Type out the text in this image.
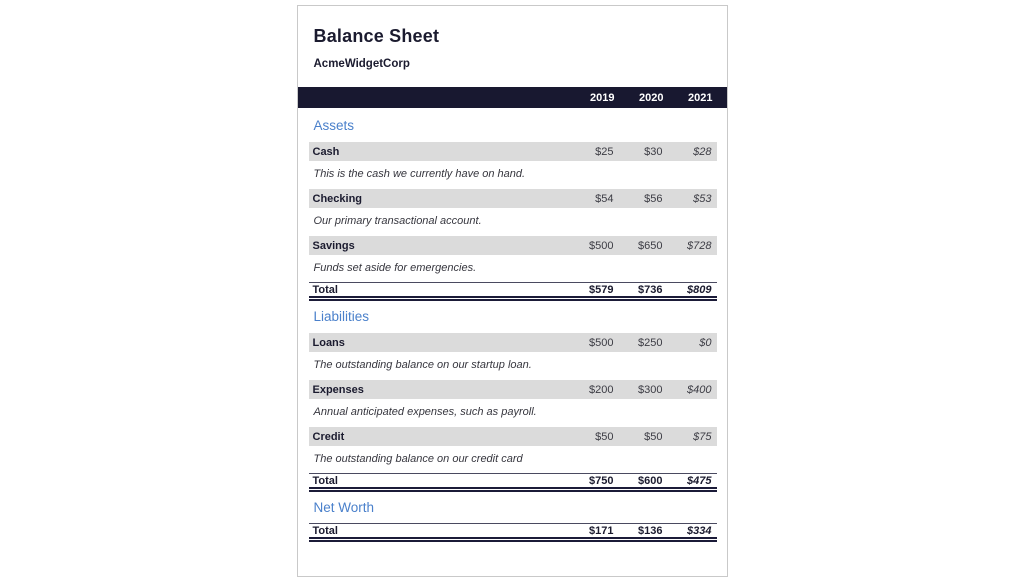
Balance Sheet
AcmeWidgetCorp
2019	2020	2021
Assets
Cash	$25	$30	$28
This is the cash we currently have on hand.
Checking	$54	$56	$53
Our primary transactional account.
Savings	$500	$650	$728
Funds set aside for emergencies.
Total	$579	$736	$809
Liabilities
Loans	$500	$250	$0
The outstanding balance on our startup loan.
Expenses	$200	$300	$400
Annual anticipated expenses, such as payroll.
Credit	$50	$50	$75
The outstanding balance on our credit card
Total	$750	$600	$475
Net Worth
Total	$171	$136	$334
